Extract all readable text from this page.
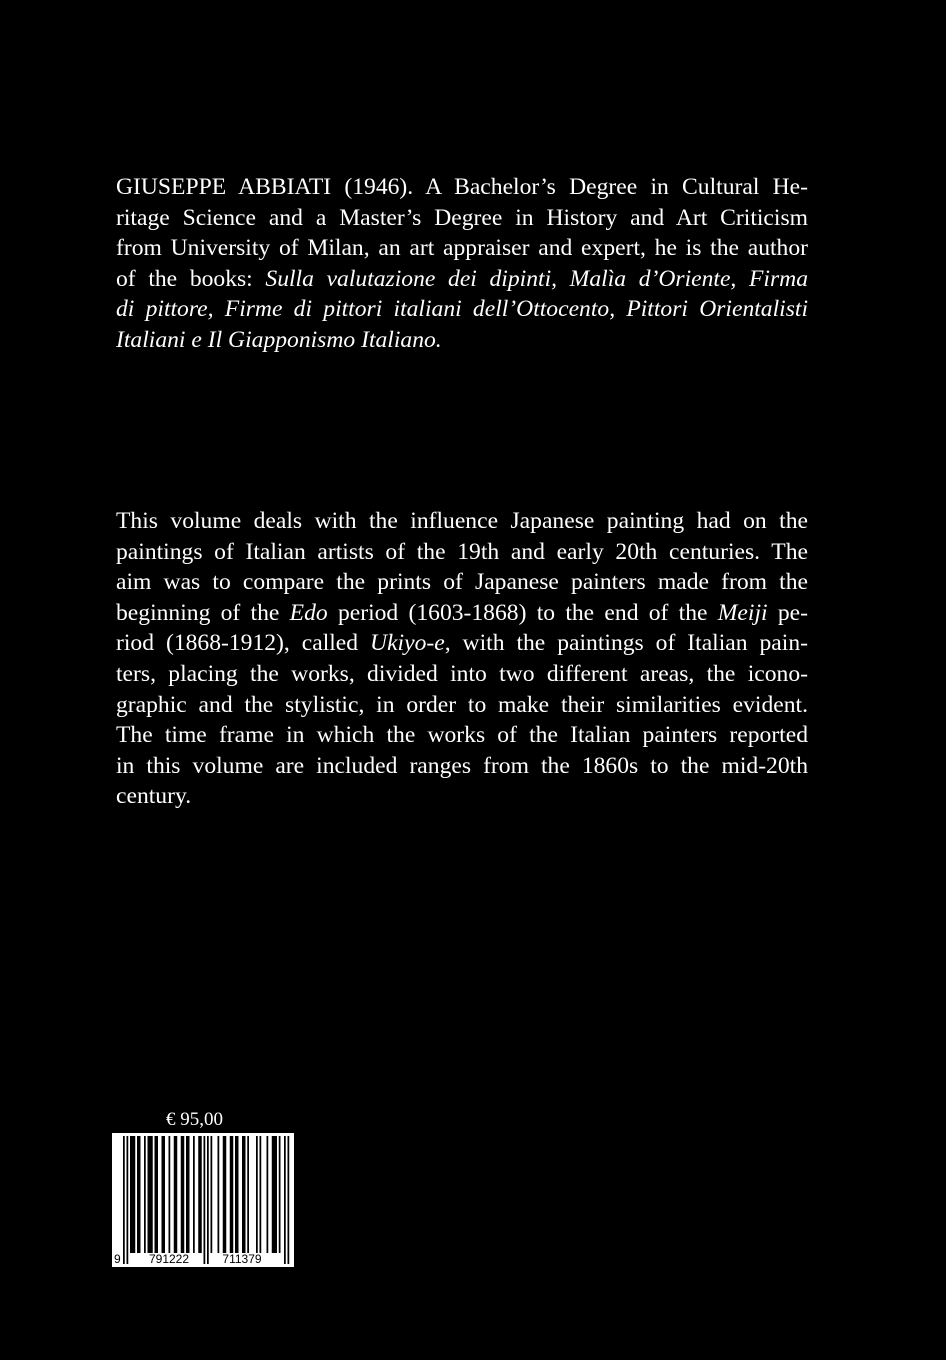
GIUSEPPE ABBIATI (1946). A Bachelor’s Degree in Cultural He-
ritage Science and a Master’s Degree in History and Art Criticism
from University of Milan, an art appraiser and expert, he is the author
of the books: Sulla valutazione dei dipinti, Malìa d’Oriente, Firma
di pittore, Firme di pittori italiani dell’Ottocento, Pittori Orientalisti
Italiani e Il Giapponismo Italiano.
This volume deals with the influence Japanese painting had on the
paintings of Italian artists of the 19th and early 20th centuries. The
aim was to compare the prints of Japanese painters made from the
beginning of the Edo period (1603-1868) to the end of the Meiji pe-
riod (1868-1912), called Ukiyo-e, with the paintings of Italian pain-
ters, placing the works, divided into two different areas, the icono-
graphic and the stylistic, in order to make their similarities evident.
The time frame in which the works of the Italian painters reported
in this volume are included ranges from the 1860s to the mid-20th
century.
€ 95,00
9 791222	711379
